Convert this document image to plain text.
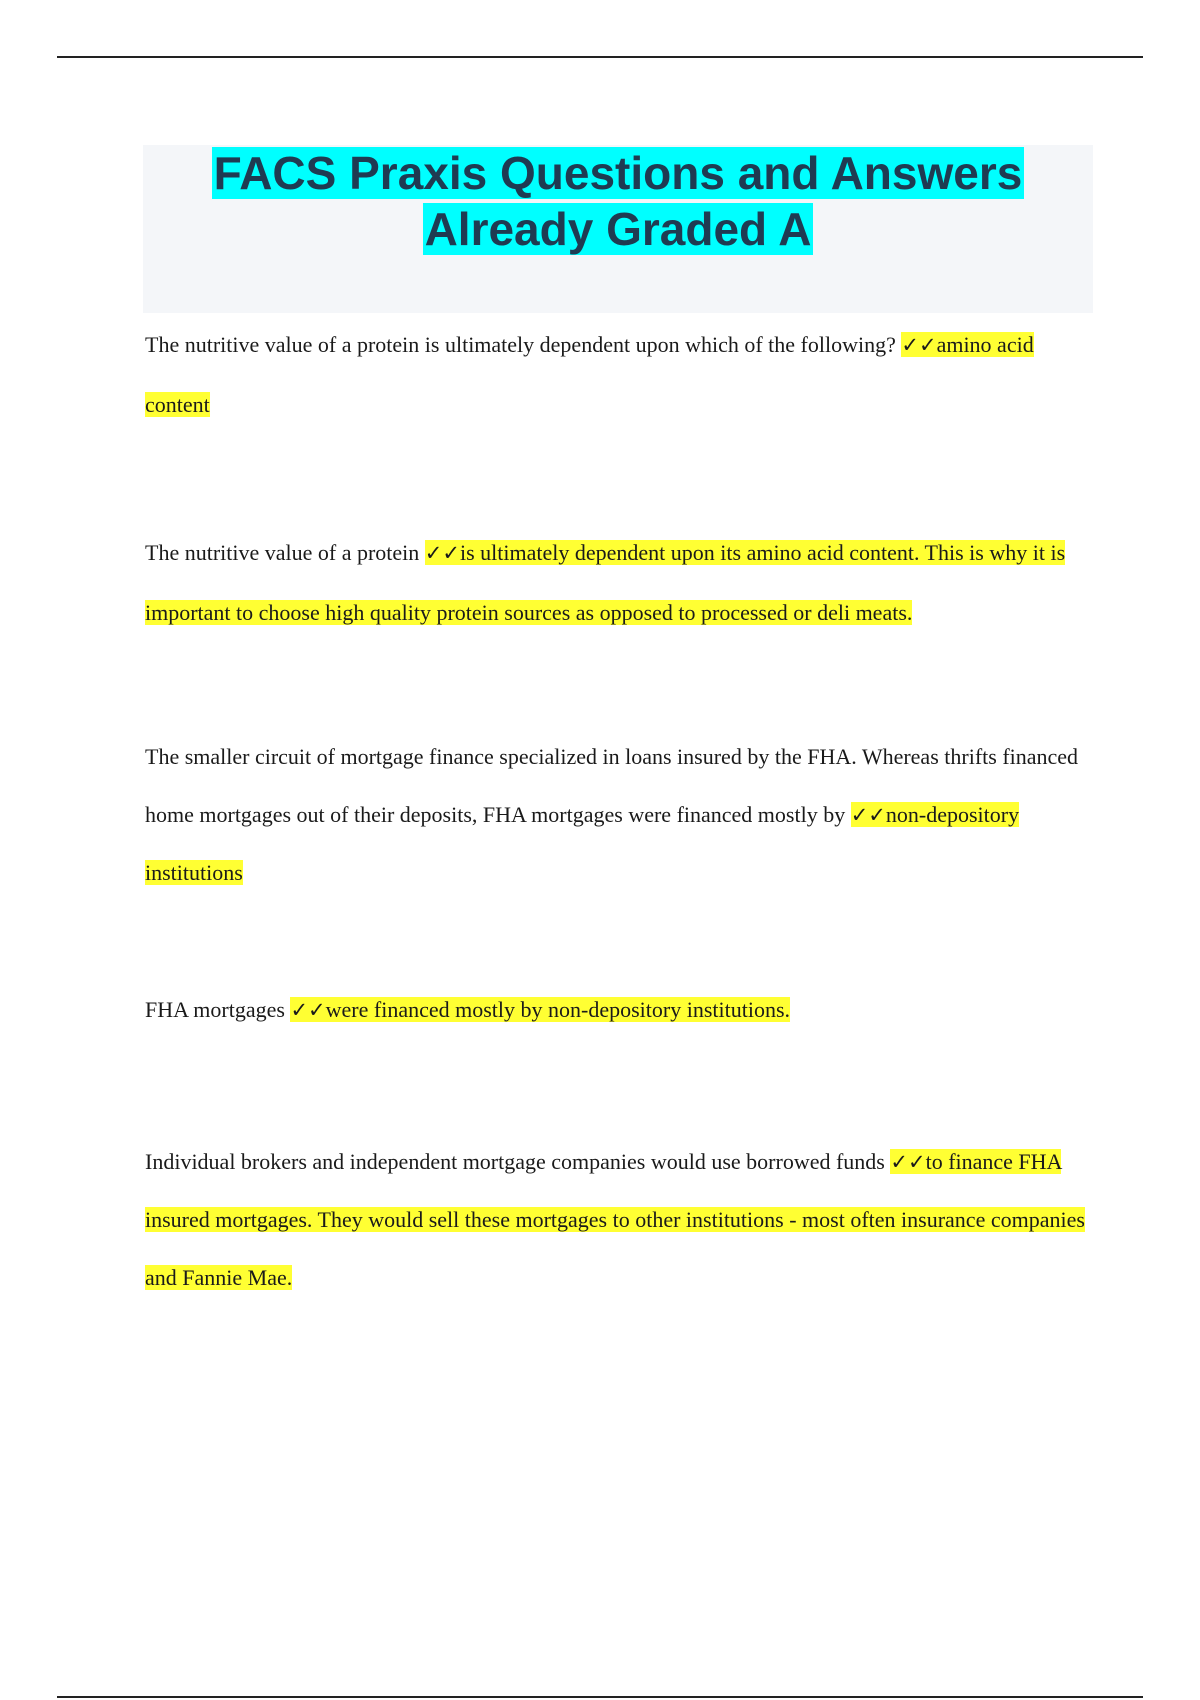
FACS Praxis Questions and Answers
Already Graded A

The nutritive value of a protein is ultimately dependent upon which of the following? ✓✓amino acid content

The nutritive value of a protein ✓✓is ultimately dependent upon its amino acid content. This is why it is important to choose high quality protein sources as opposed to processed or deli meats.

The smaller circuit of mortgage finance specialized in loans insured by the FHA. Whereas thrifts financed home mortgages out of their deposits, FHA mortgages were financed mostly by ✓✓non-depository institutions

FHA mortgages ✓✓were financed mostly by non-depository institutions.

Individual brokers and independent mortgage companies would use borrowed funds ✓✓to finance FHA insured mortgages. They would sell these mortgages to other institutions - most often insurance companies and Fannie Mae.
